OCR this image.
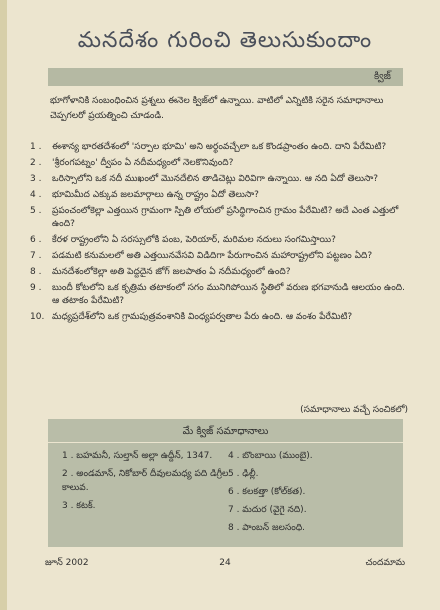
మనదేశం గురించి తెలుసుకుందాం
క్విజ్
భూగోళానికి సంబంధించిన ప్రశ్నలు ఈనెల క్విజ్‌లో ఉన్నాయి. వాటిలో ఎన్నిటికి సరైన సమాధానాలు చెప్పగలరో ప్రయత్నించి చూడండి.
1 .	ఈశాన్య భారతదేశంలో 'సర్పాల భూమి' అని అర్థంవచ్చేలా ఒక కొండప్రాంతం ఉంది. దాని పేరేమిటి?
2 .	'శ్రీరంగపట్నం' ద్వీపం ఏ నదీమధ్యంలో నెలకొనివుంది?
3 .	ఒరిస్సాలోని ఒక నదీ ముఖంలో మొనదేలిన తాడిచెట్లు విరివిగా ఉన్నాయి. ఆ నది ఏదో తెలుసా?
4 .	భూమిమీద ఎక్కువ జలమార్గాలు ఉన్న రాష్ట్రం ఏదో తెలుసా?
5 .	ప్రపంచంలోకెల్లా ఎత్తయిన గ్రామంగా స్పితి లోయలో ప్రసిద్ధిగాంచిన గ్రామం పేరేమిటి? అదే ఎంత ఎత్తులో ఉంది?
6 .	కేరళ రాష్ట్రంలోని ఏ సరస్సులోకి పంబ, పెరియార్, మరిమల నదులు సంగమిస్తాయి?
7 .	పడమటి కనుమలలో అతి ఎత్తయినవేసవి విడిదిగా పేరుగాంచిన మహారాష్ట్రలోని పట్టణం ఏది?
8 .	మనదేశంలోకెల్లా అతి పెద్దదైన జోగ్ జలపాతం ఏ నదీమధ్యంలో ఉంది?
9 .	బుందీ కోటలోని ఒక కృత్రిమ తటాకంలో సగం మునిగిపోయిన స్థితిలో వరుణ భగవానుడి ఆలయం ఉంది. ఆ తటాకం పేరేమిటి?
10. మధ్యప్రదేశ్‌లోని ఒక గ్రామపుత్రవంశానికి వింధ్యపర్వతాల పేరు ఉంది. ఆ వంశం పేరేమిటి?
(సమాధానాలు వచ్చే సంచికలో)
మే క్విజ్ సమాధానాలు
1 . బహమనీ, సుల్తాన్ అల్లా ఉద్దీన్, 1347.
2 . అండమాన్, నికోబార్ దీవులమధ్య పది డిగ్రీల కాలువ.
3 . కటక్.
4 . బొంబాయి (ముంబై).
5 . ఢిల్లీ.
6 . కలకత్తా (కోల్‌కత).
7 . మదుర (వైగై నది).
8 . పాంబన్ జలసంధి.
జూన్ 2002	24	చందమామ
